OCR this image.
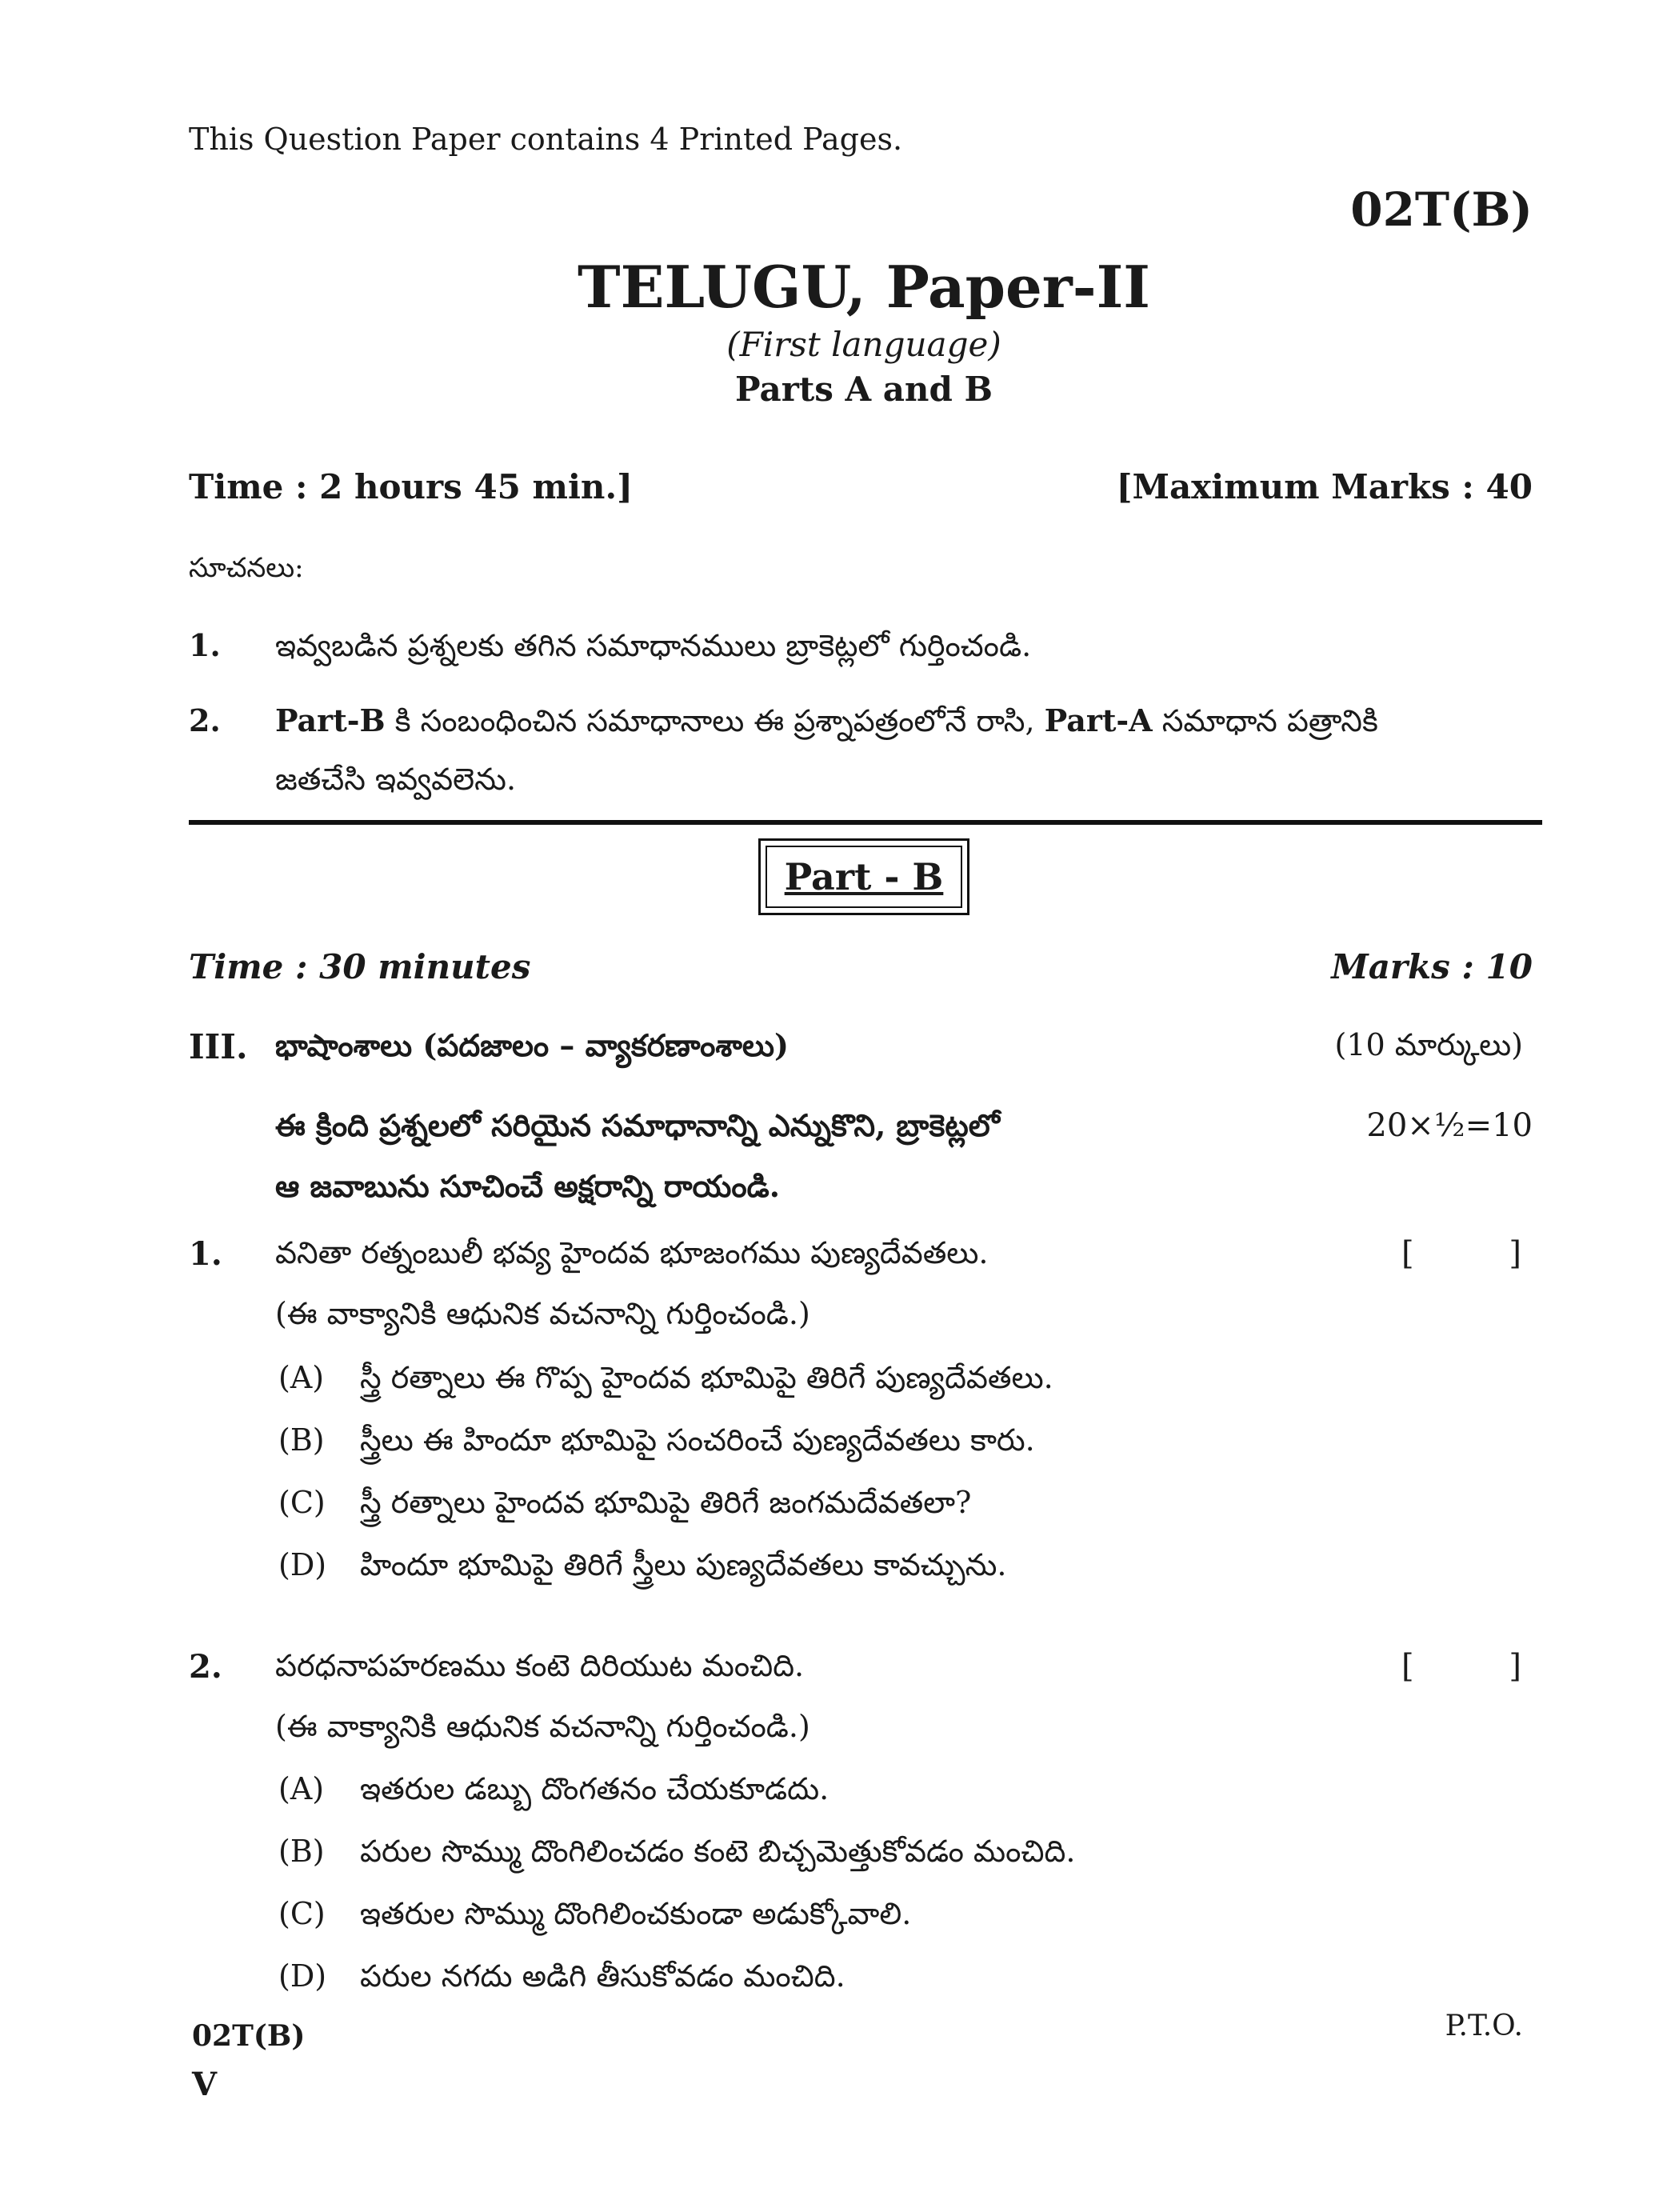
This Question Paper contains 4 Printed Pages.
02T(B)
TELUGU, Paper-II
(First language)
Parts A and B
Time : 2 hours 45 min.]	[Maximum Marks : 40
సూచనలు:
1. ఇవ్వబడిన ప్రశ్నలకు తగిన సమాధానములు బ్రాకెట్లలో గుర్తించండి.
2. Part-B కి సంబంధించిన సమాధానాలు ఈ ప్రశ్నాపత్రంలోనే రాసి, Part-A సమాధాన పత్రానికి
జతచేసి ఇవ్వవలెను.
Part - B
Time : 30 minutes	Marks : 10
III. భాషాంశాలు (పదజాలం – వ్యాకరణాంశాలు)	(10 మార్కులు)
ఈ క్రింది ప్రశ్నలలో సరియైన సమాధానాన్ని ఎన్నుకొని, బ్రాకెట్లలో
ఆ జవాబును సూచించే అక్షరాన్ని రాయండి.
20×½=10
1. వనితా రత్నంబులీ భవ్య హైందవ భూజంగము పుణ్యదేవతలు.	[	]
(ఈ వాక్యానికి ఆధునిక వచనాన్ని గుర్తించండి.)
(A) స్త్రీ రత్నాలు ఈ గొప్ప హైందవ భూమిపై తిరిగే పుణ్యదేవతలు.
(B) స్త్రీలు ఈ హిందూ భూమిపై సంచరించే పుణ్యదేవతలు కారు.
(C) స్త్రీ రత్నాలు హైందవ భూమిపై తిరిగే జంగమదేవతలా?
(D) హిందూ భూమిపై తిరిగే స్త్రీలు పుణ్యదేవతలు కావచ్చును.
2. పరధనాపహరణము కంటె దిరియుట మంచిది.	[	]
(ఈ వాక్యానికి ఆధునిక వచనాన్ని గుర్తించండి.)
(A) ఇతరుల డబ్బు దొంగతనం చేయకూడదు.
(B) పరుల సొమ్ము దొంగిలించడం కంటె బిచ్చమెత్తుకోవడం మంచిది.
(C) ఇతరుల సొమ్ము దొంగిలించకుండా అడుక్కోవాలి.
(D) పరుల నగదు అడిగి తీసుకోవడం మంచిది.
02T(B)
V
P.T.O.
